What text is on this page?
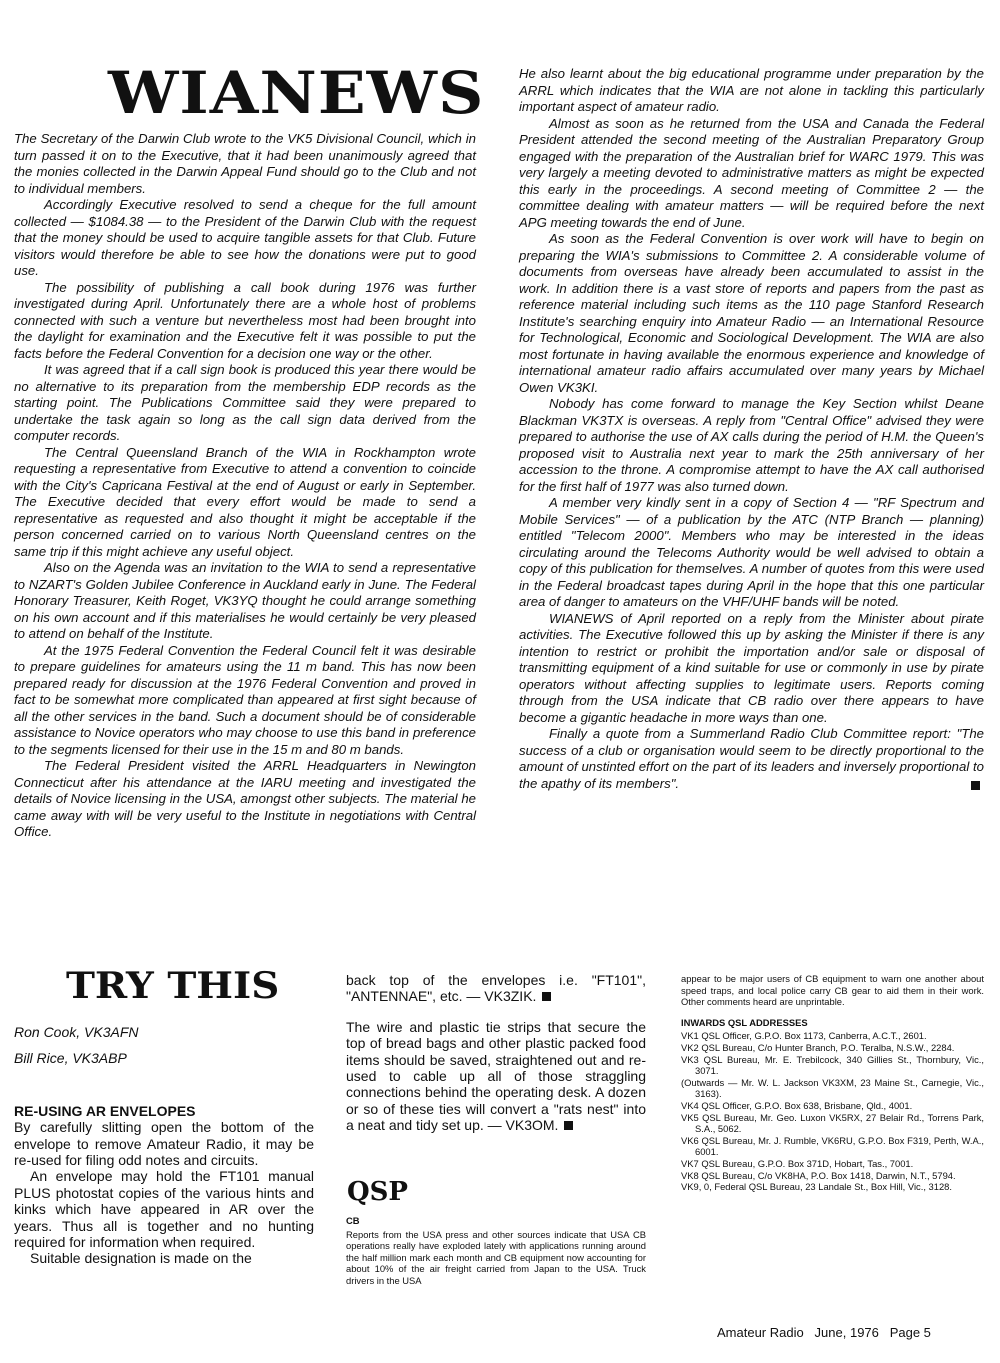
WIANEWS

The Secretary of the Darwin Club wrote to the VK5 Divisional Council, which in turn passed it on to the Executive, that it had been unanimously agreed that the monies collected in the Darwin Appeal Fund should go to the Club and not to individual members.

Accordingly Executive resolved to send a cheque for the full amount collected — $1084.38 — to the President of the Darwin Club with the request that the money should be used to acquire tangible assets for that Club. Future visitors would therefore be able to see how the donations were put to good use.

The possibility of publishing a call book during 1976 was further investigated during April. Unfortunately there are a whole host of problems connected with such a venture but nevertheless most had been brought into the daylight for examination and the Executive felt it was possible to put the facts before the Federal Convention for a decision one way or the other.

It was agreed that if a call sign book is produced this year there would be no alternative to its preparation from the membership EDP records as the starting point. The Publications Committee said they were prepared to undertake the task again so long as the call sign data derived from the computer records.

The Central Queensland Branch of the WIA in Rockhampton wrote requesting a representative from Executive to attend a convention to coincide with the City's Capricana Festival at the end of August or early in September. The Executive decided that every effort would be made to send a representative as requested and also thought it might be acceptable if the person concerned carried on to various North Queensland centres on the same trip if this might achieve any useful object.

Also on the Agenda was an invitation to the WIA to send a representative to NZART's Golden Jubilee Conference in Auckland early in June. The Federal Honorary Treasurer, Keith Roget, VK3YQ thought he could arrange something on his own account and if this materialises he would certainly be very pleased to attend on behalf of the Institute.

At the 1975 Federal Convention the Federal Council felt it was desirable to prepare guidelines for amateurs using the 11 m band. This has now been prepared ready for discussion at the 1976 Federal Convention and proved in fact to be somewhat more complicated than appeared at first sight because of all the other services in the band. Such a document should be of considerable assistance to Novice operators who may choose to use this band in preference to the segments licensed for their use in the 15 m and 80 m bands.

The Federal President visited the ARRL Headquarters in Newington Connecticut after his attendance at the IARU meeting and investigated the details of Novice licensing in the USA, amongst other subjects. The material he came away with will be very useful to the Institute in negotiations with Central Office.

He also learnt about the big educational programme under preparation by the ARRL which indicates that the WIA are not alone in tackling this particularly important aspect of amateur radio.

Almost as soon as he returned from the USA and Canada the Federal President attended the second meeting of the Australian Preparatory Group engaged with the preparation of the Australian brief for WARC 1979. This was very largely a meeting devoted to administrative matters as might be expected this early in the proceedings. A second meeting of Committee 2 — the committee dealing with amateur matters — will be required before the next APG meeting towards the end of June.

As soon as the Federal Convention is over work will have to begin on preparing the WIA's submissions to Committee 2. A considerable volume of documents from overseas have already been accumulated to assist in the work. In addition there is a vast store of reports and papers from the past as reference material including such items as the 110 page Stanford Research Institute's searching enquiry into Amateur Radio — an International Resource for Technological, Economic and Sociological Development. The WIA are also most fortunate in having available the enormous experience and knowledge of international amateur radio affairs accumulated over many years by Michael Owen VK3KI.

Nobody has come forward to manage the Key Section whilst Deane Blackman VK3TX is overseas. A reply from "Central Office" advised they were prepared to authorise the use of AX calls during the period of H.M. the Queen's proposed visit to Australia next year to mark the 25th anniversary of her accession to the throne. A compromise attempt to have the AX call authorised for the first half of 1977 was also turned down.

A member very kindly sent in a copy of Section 4 — "RF Spectrum and Mobile Services" — of a publication by the ATC (NTP Branch — planning) entitled "Telecom 2000". Members who may be interested in the ideas circulating around the Telecoms Authority would be well advised to obtain a copy of this publication for themselves. A number of quotes from this were used in the Federal broadcast tapes during April in the hope that this one particular area of danger to amateurs on the VHF/UHF bands will be noted.

WIANEWS of April reported on a reply from the Minister about pirate activities. The Executive followed this up by asking the Minister if there is any intention to restrict or prohibit the importation and/or sale or disposal of transmitting equipment of a kind suitable for use or commonly in use by pirate operators without affecting supplies to legitimate users. Reports coming through from the USA indicate that CB radio over there appears to have become a gigantic headache in more ways than one.

Finally a quote from a Summerland Radio Club Committee report: "The success of a club or organisation would seem to be directly proportional to the amount of unstinted effort on the part of its leaders and inversely proportional to the apathy of its members".

TRY THIS

Ron Cook, VK3AFN

Bill Rice, VK3ABP

RE-USING AR ENVELOPES

By carefully slitting open the bottom of the envelope to remove Amateur Radio, it may be re-used for filing odd notes and circuits.

An envelope may hold the FT101 manual PLUS photostat copies of the various hints and kinks which have appeared in AR over the years. Thus all is together and no hunting required for information when required.

Suitable designation is made on the

back top of the envelopes i.e. "FT101", "ANTENNAE", etc. — VK3ZIK.

The wire and plastic tie strips that secure the top of bread bags and other plastic packed food items should be saved, straightened out and re-used to cable up all of those straggling connections behind the operating desk. A dozen or so of these ties will convert a "rats nest" into a neat and tidy set up. — VK3OM.

QSP

CB

Reports from the USA press and other sources indicate that USA CB operations really have exploded lately with applications running around the half million mark each month and CB equipment now accounting for about 10% of the air freight carried from Japan to the USA. Truck drivers in the USA

appear to be major users of CB equipment to warn one another about speed traps, and local police carry CB gear to aid them in their work. Other comments heard are unprintable.

INWARDS QSL ADDRESSES

VK1 QSL Officer, G.P.O. Box 1173, Canberra, A.C.T., 2601.
VK2 QSL Bureau, C/o Hunter Branch, P.O. Teralba, N.S.W., 2284.
VK3 QSL Bureau, Mr. E. Trebilcock, 340 Gillies St., Thornbury, Vic., 3071.
(Outwards — Mr. W. L. Jackson VK3XM, 23 Maine St., Carnegie, Vic., 3163).
VK4 QSL Officer, G.P.O. Box 638, Brisbane, Qld., 4001.
VK5 QSL Bureau, Mr. Geo. Luxon VK5RX, 27 Belair Rd., Torrens Park, S.A., 5062.
VK6 QSL Bureau, Mr. J. Rumble, VK6RU, G.P.O. Box F319, Perth, W.A., 6001.
VK7 QSL Bureau, G.P.O. Box 371D, Hobart, Tas., 7001.
VK8 QSL Bureau, C/o VK8HA, P.O. Box 1418, Darwin, N.T., 5794.
VK9, 0, Federal QSL Bureau, 23 Landale St., Box Hill, Vic., 3128.
Amateur Radio   June, 1976   Page 5
